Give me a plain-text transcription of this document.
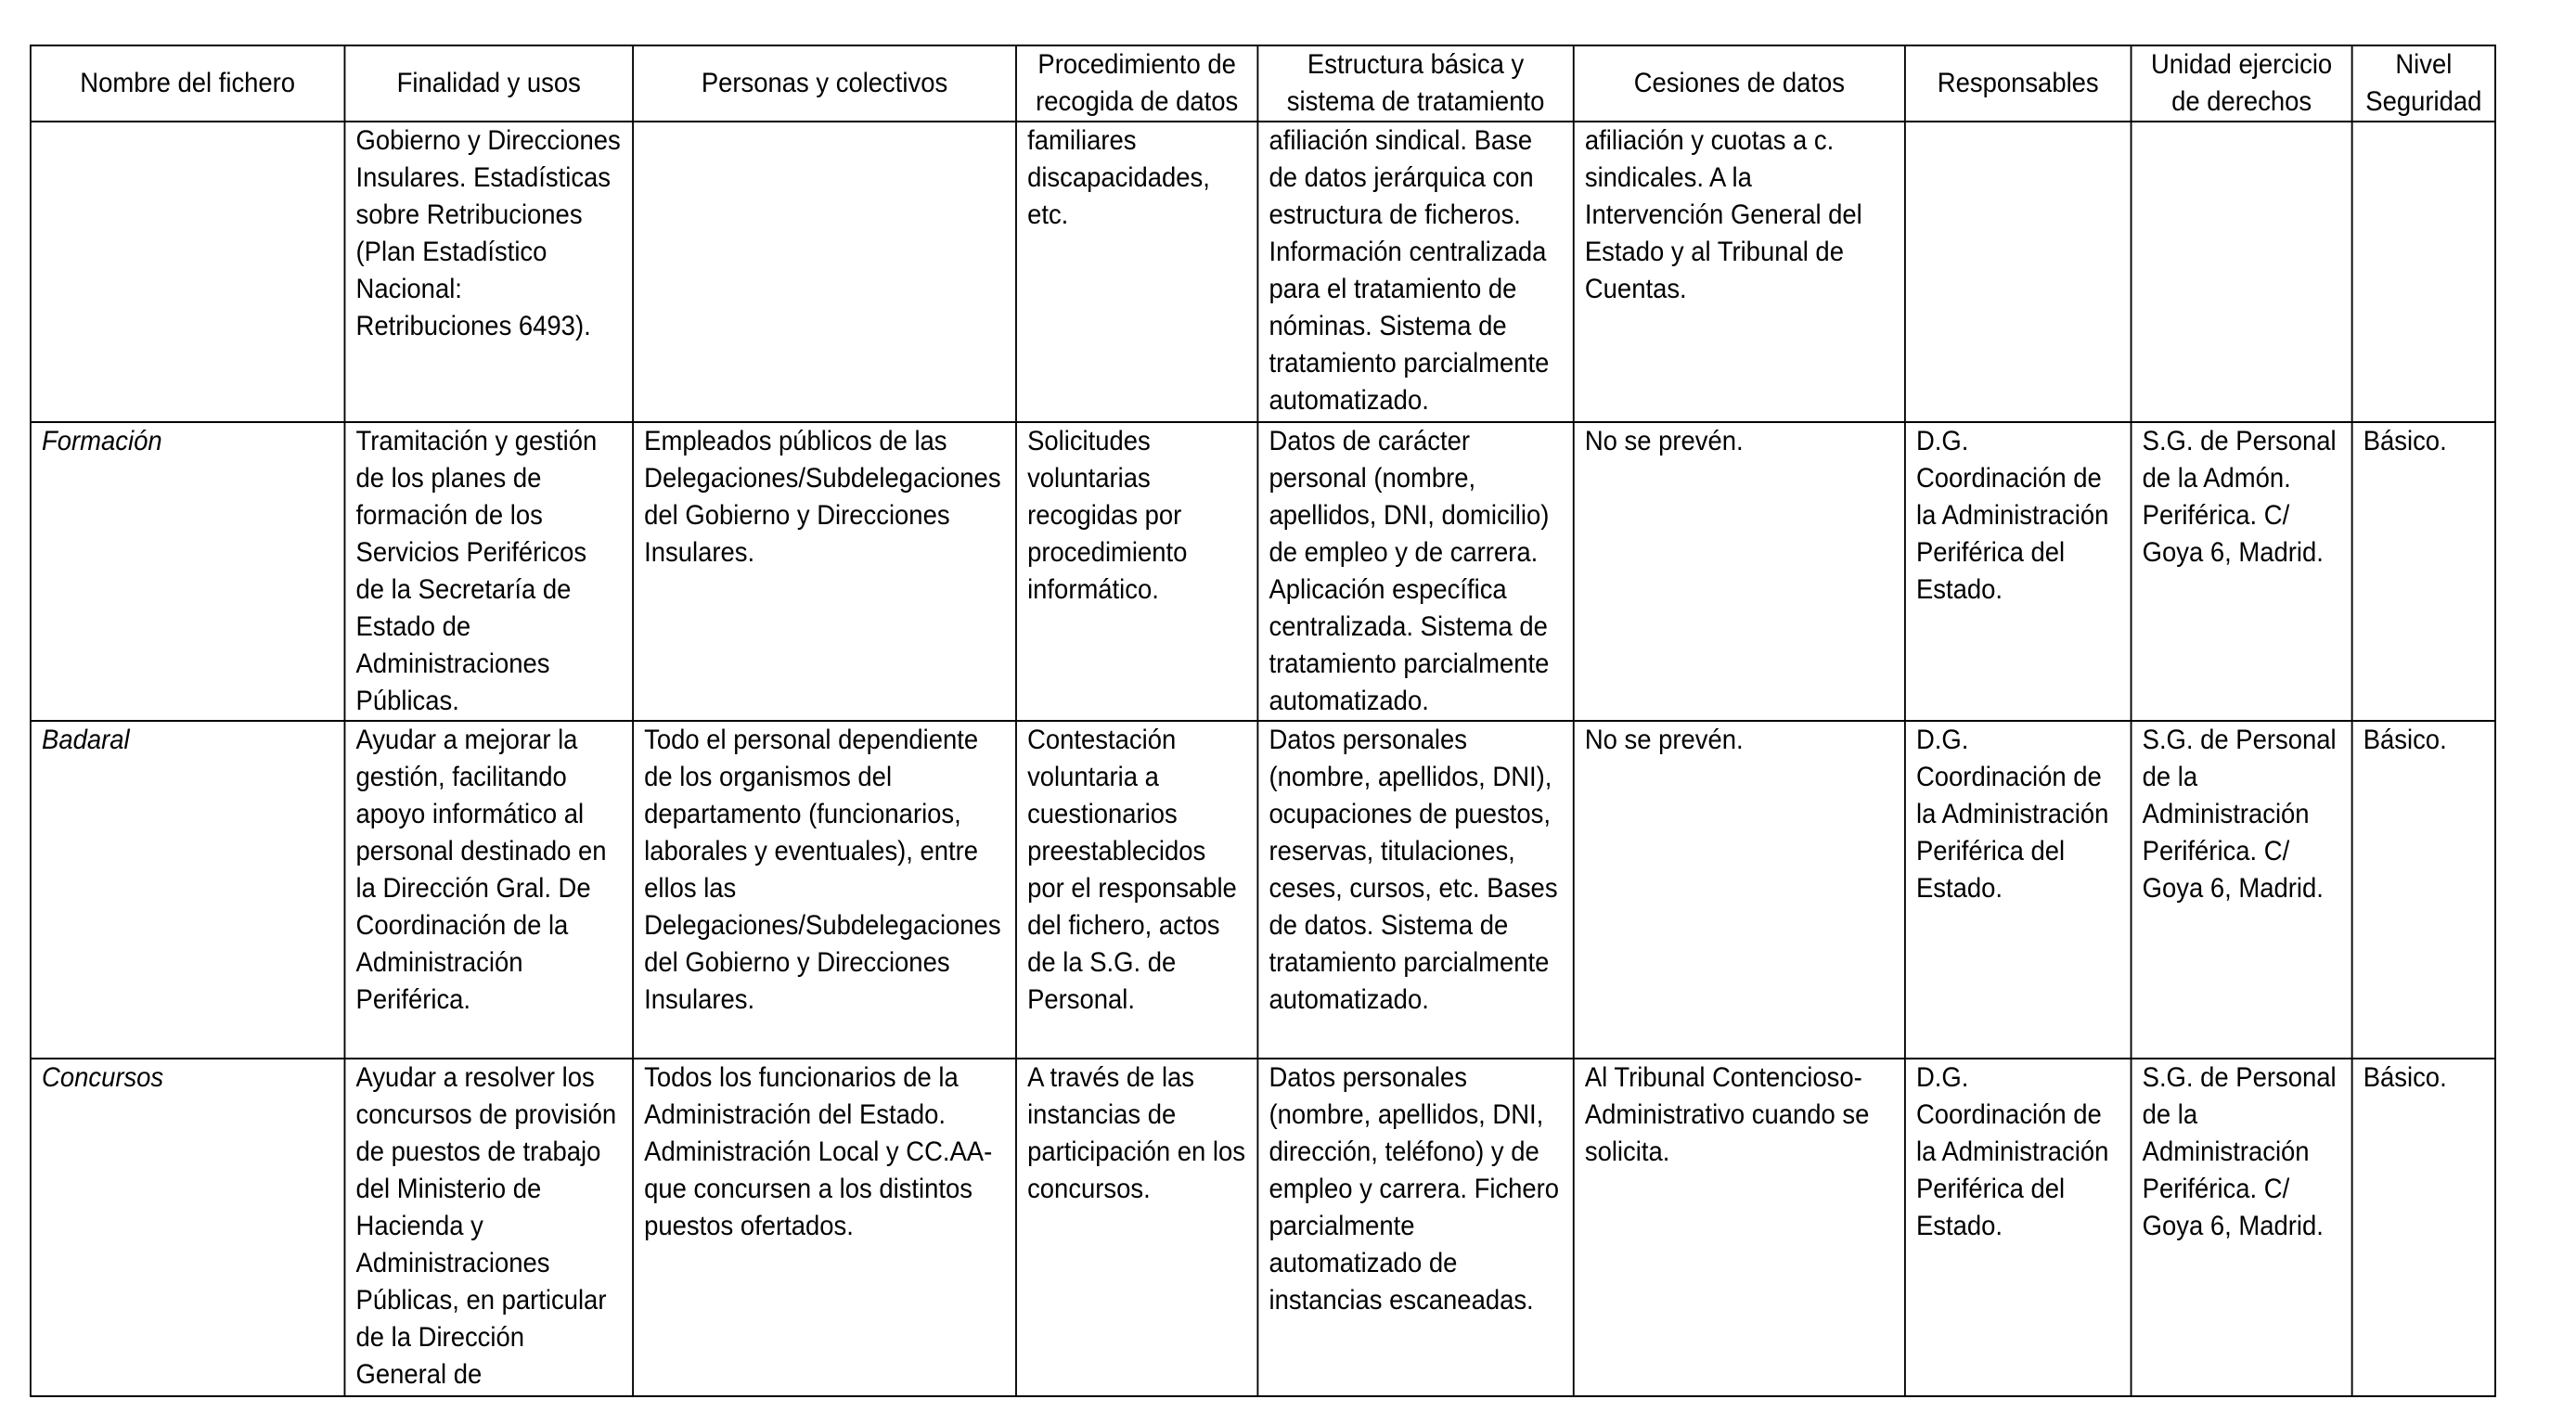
Nombre del fichero	Finalidad y usos	Personas y colectivos	Procedimiento de
recogida de datos	Estructura básica y
sistema de tratamiento	Cesiones de datos	Responsables	Unidad ejercicio
de derechos	Nivel
Seguridad

	Gobierno y Direcciones Insulares. Estadísticas sobre Retribuciones (Plan Estadístico Nacional: Retribuciones 6493).		familiares discapacidades, etc.	afiliación sindical. Base de datos jerárquica con estructura de ficheros. Información centralizada para el tratamiento de nóminas. Sistema de tratamiento parcialmente automatizado.	afiliación y cuotas a c. sindicales. A la Intervención General del Estado y al Tribunal de Cuentas.			

Formación	Tramitación y gestión de los planes de formación de los Servicios Periféricos de la Secretaría de Estado de Administraciones Públicas.	Empleados públicos de las Delegaciones/Subdelegaciones del Gobierno y Direcciones Insulares.	Solicitudes voluntarias recogidas por procedimiento informático.	Datos de carácter personal (nombre, apellidos, DNI, domicilio) de empleo y de carrera. Aplicación específica centralizada. Sistema de tratamiento parcialmente automatizado.	No se prevén.	D.G. Coordinación de la Administración Periférica del Estado.	S.G. de Personal de la Admón. Periférica. C/ Goya 6, Madrid.	Básico.

Badaral	Ayudar a mejorar la gestión, facilitando apoyo informático al personal destinado en la Dirección Gral. De Coordinación de la Administración Periférica.	Todo el personal dependiente de los organismos del departamento (funcionarios, laborales y eventuales), entre ellos las Delegaciones/Subdelegaciones del Gobierno y Direcciones Insulares.	Contestación voluntaria a cuestionarios preestablecidos por el responsable del fichero, actos de la S.G. de Personal.	Datos personales (nombre, apellidos, DNI), ocupaciones de puestos, reservas, titulaciones, ceses, cursos, etc. Bases de datos. Sistema de tratamiento parcialmente automatizado.	No se prevén.	D.G. Coordinación de la Administración Periférica del Estado.	S.G. de Personal de la Administración Periférica. C/ Goya 6, Madrid.	Básico.

Concursos	Ayudar a resolver los concursos de provisión de puestos de trabajo del Ministerio de Hacienda y Administraciones Públicas, en particular de la Dirección General de	Todos los funcionarios de la Administración del Estado. Administración Local y CC.AA- que concursen a los distintos puestos ofertados.	A través de las instancias de participación en los concursos.	Datos personales (nombre, apellidos, DNI, dirección, teléfono) y de empleo y carrera. Fichero parcialmente automatizado de instancias escaneadas.	Al Tribunal Contencioso-Administrativo cuando se solicita.	D.G. Coordinación de la Administración Periférica del Estado.	S.G. de Personal de la Administración Periférica. C/ Goya 6, Madrid.	Básico.
